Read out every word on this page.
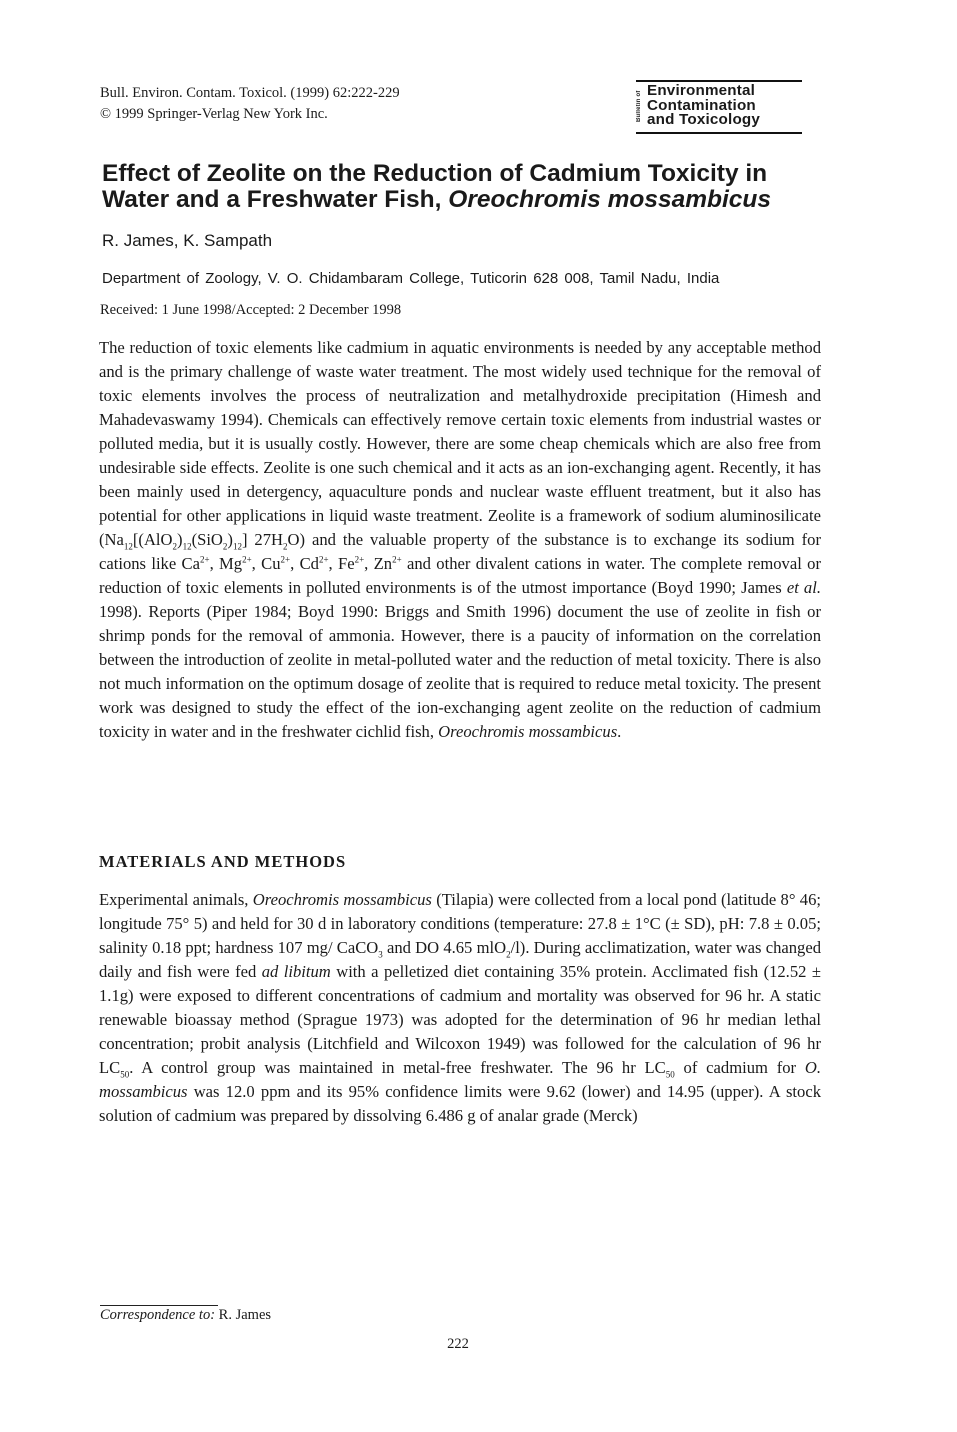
Bull. Environ. Contam. Toxicol. (1999) 62:222-229
© 1999 Springer-Verlag New York Inc.	Bulletin of Environmental
Contamination
and Toxicology
Effect of Zeolite on the Reduction of Cadmium Toxicity in
Water and a Freshwater Fish, Oreochromis mossambicus
R. James, K. Sampath
Department of Zoology, V. O. Chidambaram College, Tuticorin 628 008, Tamil Nadu, India
Received: 1 June 1998/Accepted: 2 December 1998

The reduction of toxic elements like cadmium in aquatic environments is needed by any acceptable method and is the primary challenge of waste water treatment. The most widely used technique for the removal of toxic elements involves the process of neutralization and metalhydroxide precipitation (Himesh and Mahadevaswamy 1994). Chemicals can effectively remove certain toxic elements from industrial wastes or polluted media, but it is usually costly. However, there are some cheap chemicals which are also free from undesirable side effects. Zeolite is one such chemical and it acts as an ion-exchanging agent. Recently, it has been mainly used in detergency, aquaculture ponds and nuclear waste effluent treatment, but it also has potential for other applications in liquid waste treatment. Zeolite is a framework of sodium aluminosilicate ($Na_{12}[(AlO_2)_{12}(SiO_2)_{12}]$ $27H_2O$) and the valuable property of the substance is to exchange its sodium for cations like $Ca^{2+}$, $Mg^{2+}$, $Cu^{2+}$, $Cd^{2+}$, $Fe^{2+}$, $Zn^{2+}$ and other divalent cations in water. The complete removal or reduction of toxic elements in polluted environments is of the utmost importance (Boyd 1990; James et al. 1998). Reports (Piper 1984; Boyd 1990: Briggs and Smith 1996) document the use of zeolite in fish or shrimp ponds for the removal of ammonia. However, there is a paucity of information on the correlation between the introduction of zeolite in metal-polluted water and the reduction of metal toxicity. There is also not much information on the optimum dosage of zeolite that is required to reduce metal toxicity. The present work was designed to study the effect of the ion-exchanging agent zeolite on the reduction of cadmium toxicity in water and in the freshwater cichlid fish, Oreochromis mossambicus.

MATERIALS AND METHODS

Experimental animals, Oreochromis mossambicus (Tilapia) were collected from a local pond (latitude 8° 46; longitude 75° 5) and held for 30 d in laboratory conditions (temperature: 27.8 ± 1°C (± SD), pH: 7.8 ± 0.05; salinity 0.18 ppt; hardness 107 mg/ CaCO$_3$ and DO 4.65 mlO$_2$/l). During acclimatization, water was changed daily and fish were fed ad libitum with a pelletized diet containing 35% protein. Acclimated fish (12.52 ± 1.1g) were exposed to different concentrations of cadmium and mortality was observed for 96 hr. A static renewable bioassay method (Sprague 1973) was adopted for the determination of 96 hr median lethal concentration; probit analysis (Litchfield and Wilcoxon 1949) was followed for the calculation of 96 hr $LC_{50}$. A control group was maintained in metal-free freshwater. The 96 hr $LC_{50}$ of cadmium for O. mossambicus was 12.0 ppm and its 95% confidence limits were 9.62 (lower) and 14.95 (upper). A stock solution of cadmium was prepared by dissolving 6.486 g of analar grade (Merck)

Correspondence to: R. James
222
